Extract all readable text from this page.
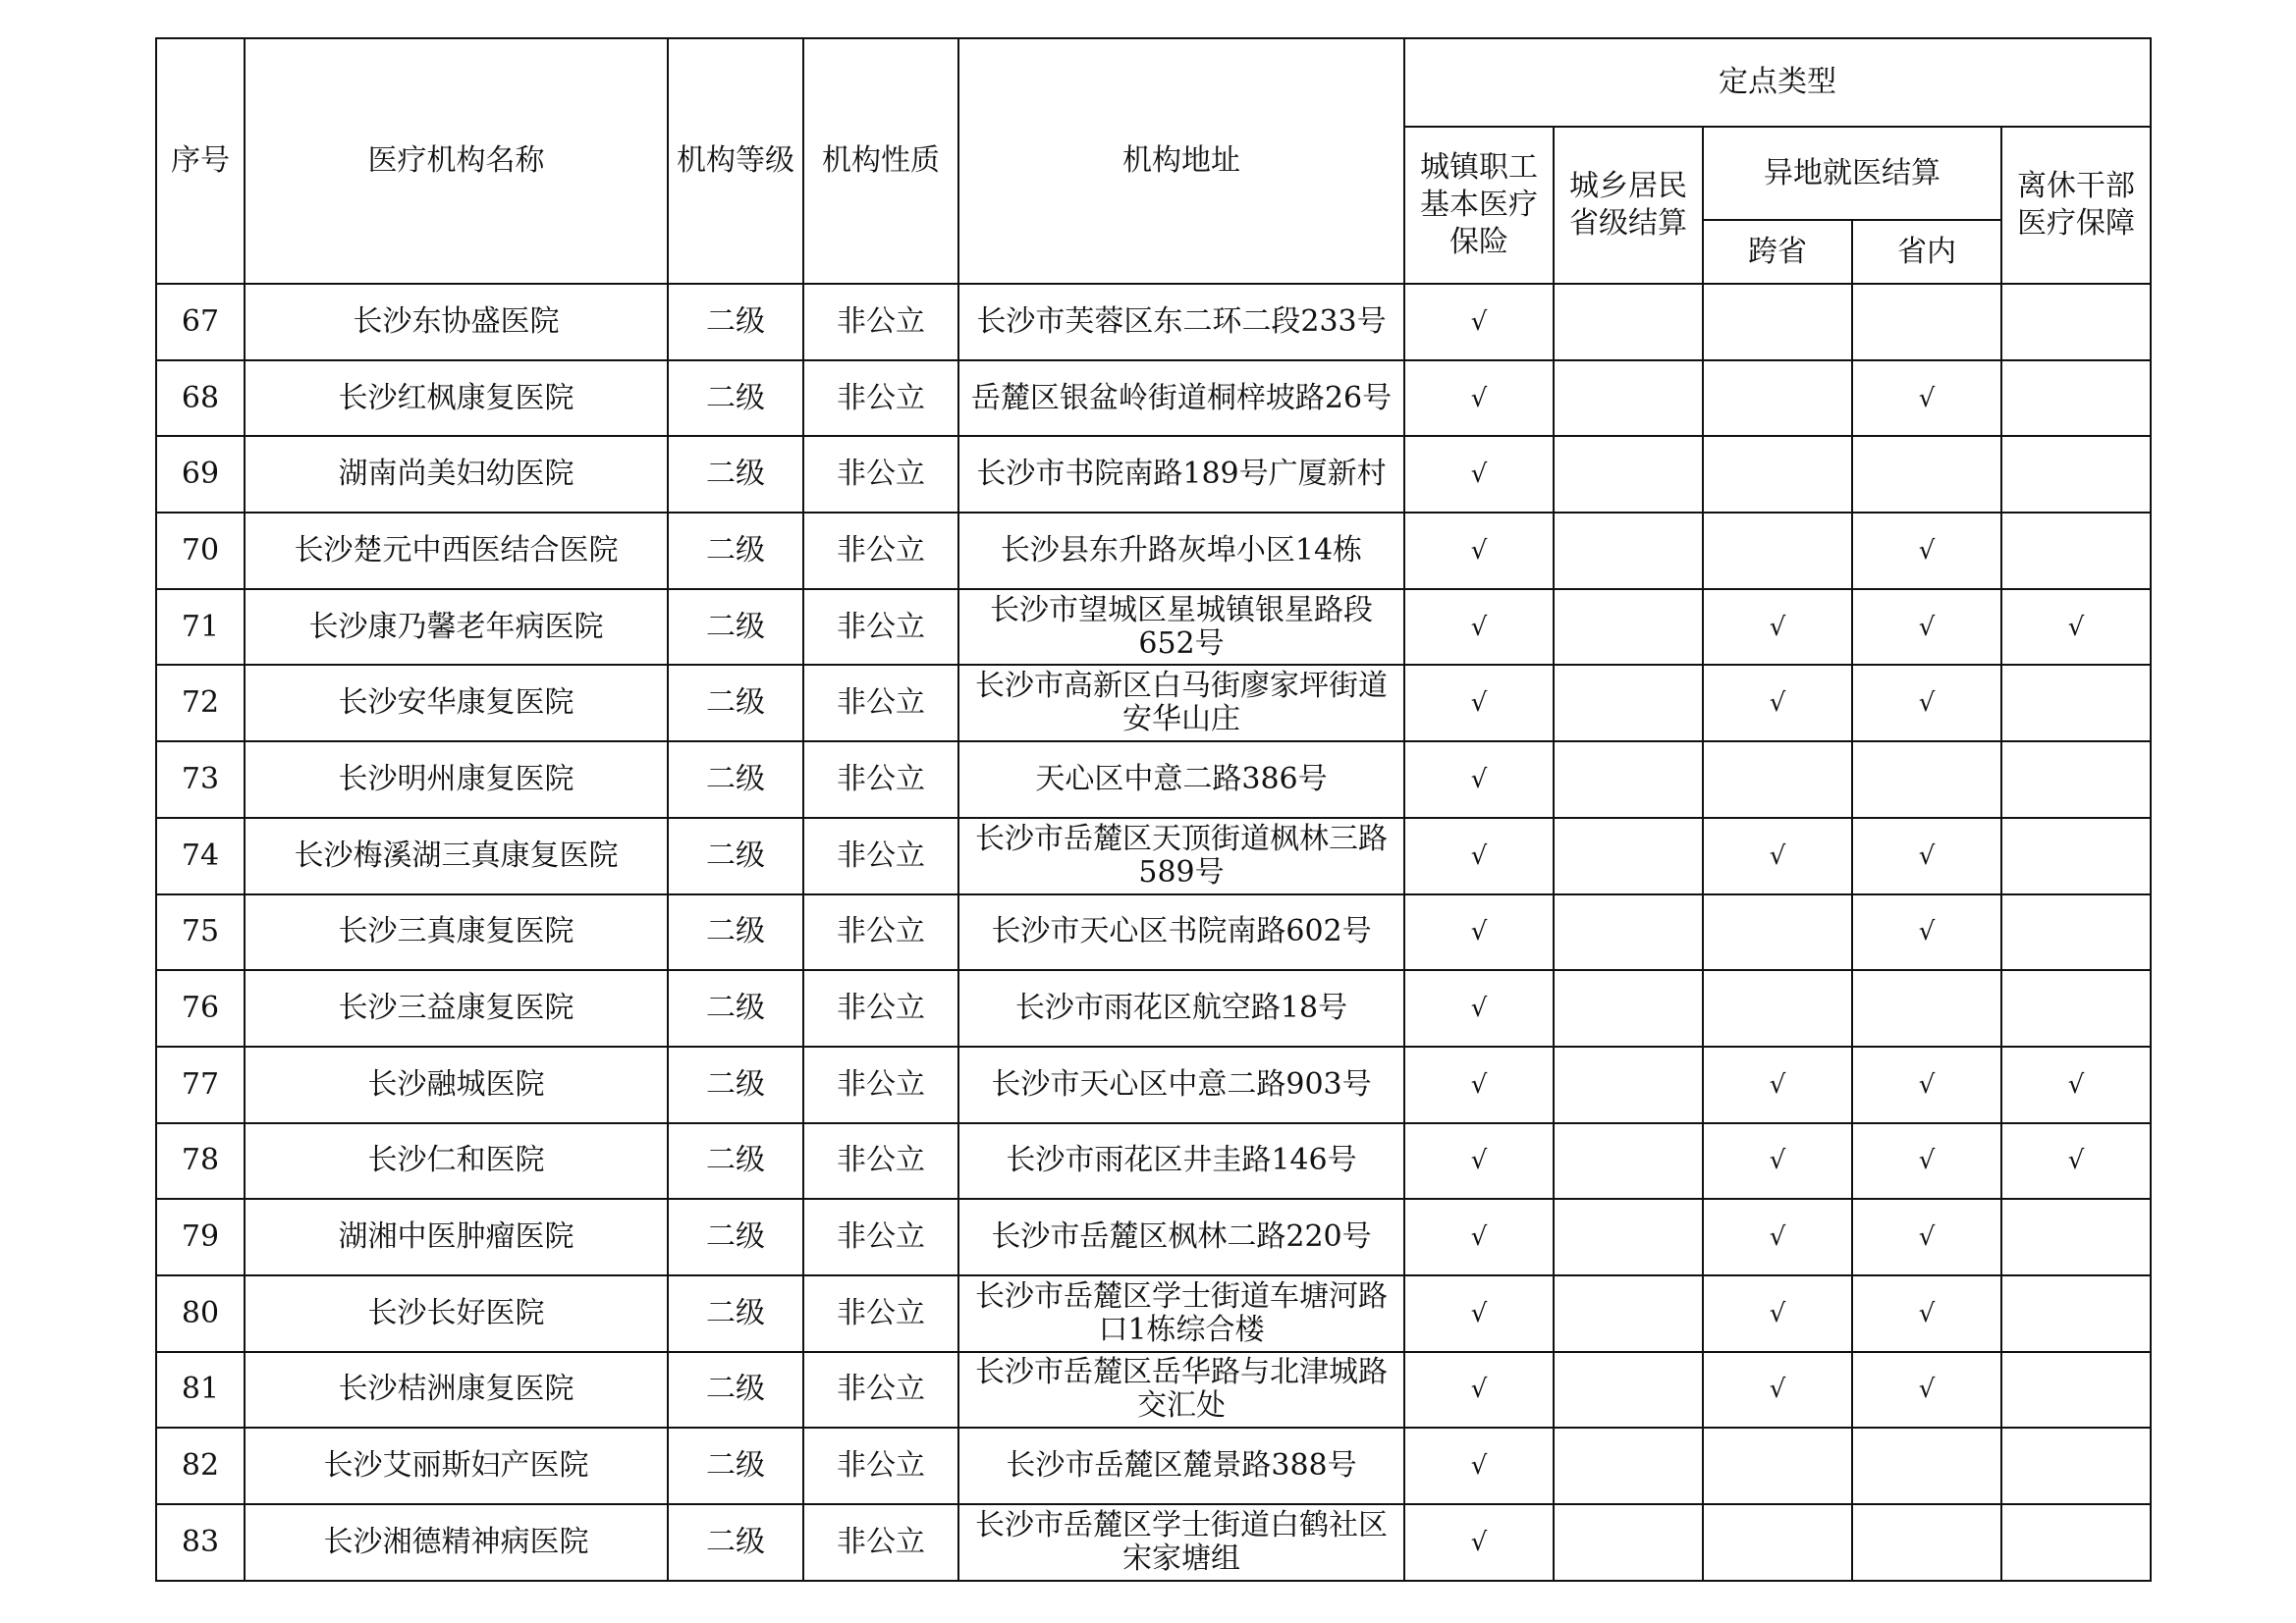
序号	医疗机构名称	机构等级	机构性质	机构地址	定点类型				
					城镇职工基本医疗保险	城乡居民省级结算	异地就医结算		离休干部医疗保障
							跨省	省内	
67	长沙东协盛医院	二级	非公立	长沙市芙蓉区东二环二段233号	√				
68	长沙红枫康复医院	二级	非公立	岳麓区银盆岭街道桐梓坡路26号	√			√	
69	湖南尚美妇幼医院	二级	非公立	长沙市书院南路189号广厦新村	√				
70	长沙楚元中西医结合医院	二级	非公立	长沙县东升路灰埠小区14栋	√			√	
71	长沙康乃馨老年病医院	二级	非公立	长沙市望城区星城镇银星路段652号	√		√	√	√
72	长沙安华康复医院	二级	非公立	长沙市高新区白马街廖家坪街道安华山庄	√		√	√	
73	长沙明州康复医院	二级	非公立	天心区中意二路386号	√				
74	长沙梅溪湖三真康复医院	二级	非公立	长沙市岳麓区天顶街道枫林三路589号	√		√	√	
75	长沙三真康复医院	二级	非公立	长沙市天心区书院南路602号	√			√	
76	长沙三益康复医院	二级	非公立	长沙市雨花区航空路18号	√				
77	长沙融城医院	二级	非公立	长沙市天心区中意二路903号	√		√	√	√
78	长沙仁和医院	二级	非公立	长沙市雨花区井圭路146号	√		√	√	√
79	湖湘中医肿瘤医院	二级	非公立	长沙市岳麓区枫林二路220号	√		√	√	
80	长沙长好医院	二级	非公立	长沙市岳麓区学士街道车塘河路口1栋综合楼	√		√	√	
81	长沙桔洲康复医院	二级	非公立	长沙市岳麓区岳华路与北津城路交汇处	√		√	√	
82	长沙艾丽斯妇产医院	二级	非公立	长沙市岳麓区麓景路388号	√				
83	长沙湘德精神病医院	二级	非公立	长沙市岳麓区学士街道白鹤社区宋家塘组	√				
